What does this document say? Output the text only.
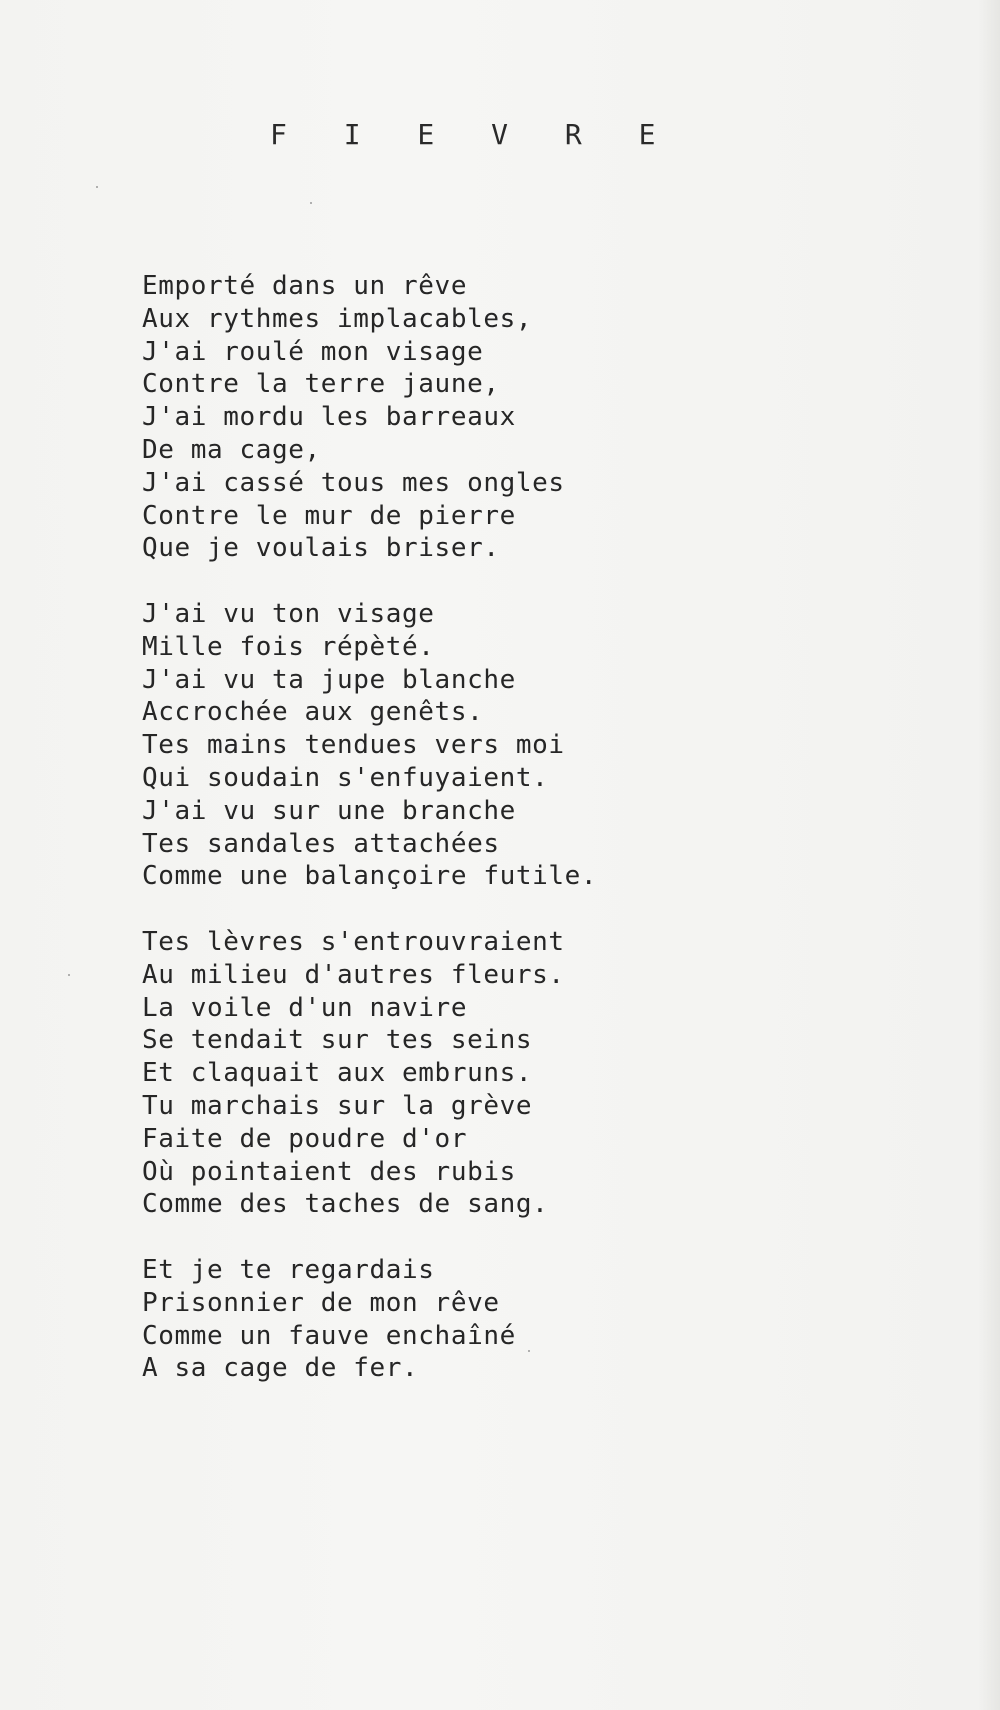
F I E V R E
Emporté dans un rêve
Aux rythmes implacables,
J'ai roulé mon visage
Contre la terre jaune,
J'ai mordu les barreaux
De ma cage,
J'ai cassé tous mes ongles
Contre le mur de pierre
Que je voulais briser.
J'ai vu ton visage
Mille fois répèté.
J'ai vu ta jupe blanche
Accrochée aux genêts.
Tes mains tendues vers moi
Qui soudain s'enfuyaient.
J'ai vu sur une branche
Tes sandales attachées
Comme une balançoire futile.
Tes lèvres s'entrouvraient
Au milieu d'autres fleurs.
La voile d'un navire
Se tendait sur tes seins
Et claquait aux embruns.
Tu marchais sur la grève
Faite de poudre d'or
Où pointaient des rubis
Comme des taches de sang.
Et je te regardais
Prisonnier de mon rêve
Comme un fauve enchaîné
A sa cage de fer.
